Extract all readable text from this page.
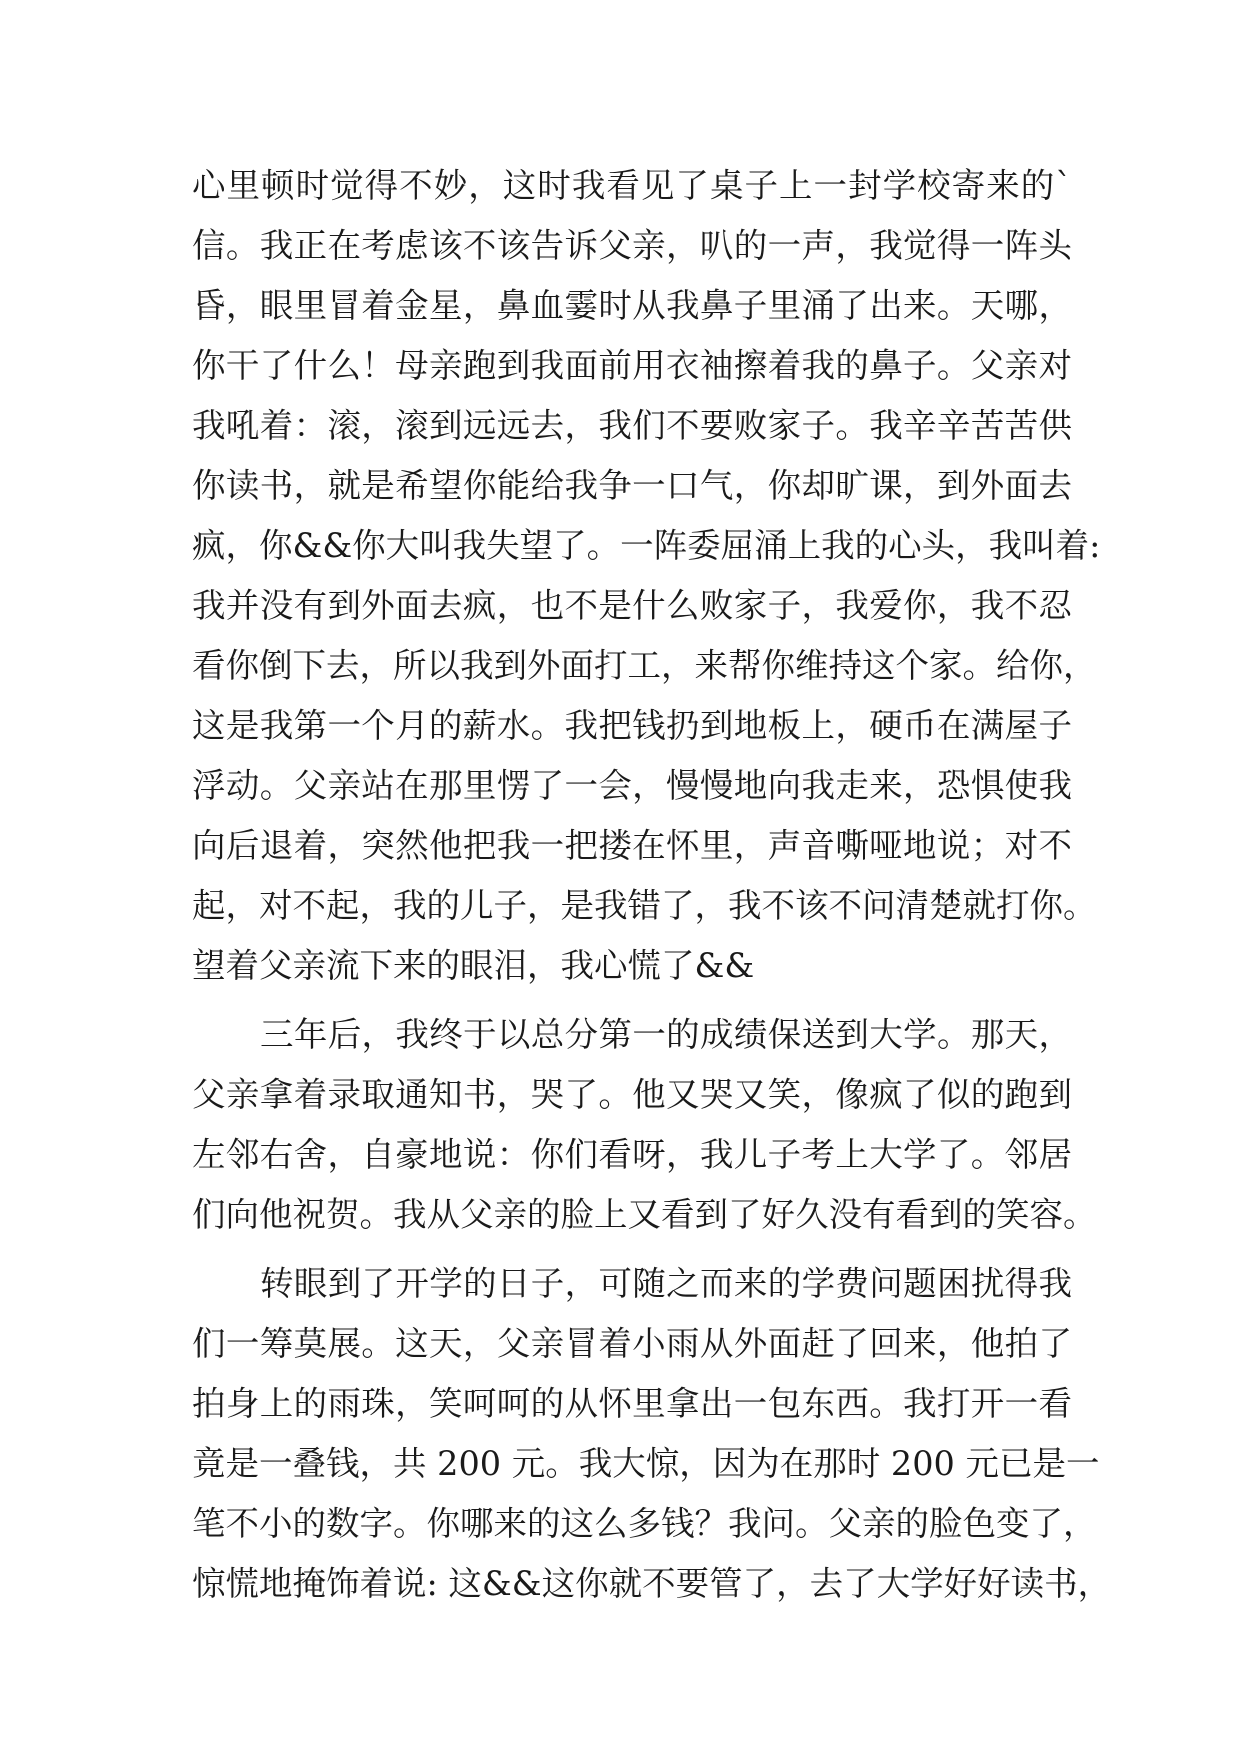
心里顿时觉得不妙，这时我看见了桌子上一封学校寄来的`
信。我正在考虑该不该告诉父亲，叭的一声，我觉得一阵头
昏，眼里冒着金星，鼻血霎时从我鼻子里涌了出来。天哪，
你干了什么！母亲跑到我面前用衣袖擦着我的鼻子。父亲对
我吼着：滚，滚到远远去，我们不要败家子。我辛辛苦苦供
你读书，就是希望你能给我争一口气，你却旷课，到外面去
疯，你&&你大叫我失望了。一阵委屈涌上我的心头，我叫着:
我并没有到外面去疯，也不是什么败家子，我爱你，我不忍
看你倒下去，所以我到外面打工，来帮你维持这个家。给你，
这是我第一个月的薪水。我把钱扔到地板上，硬币在满屋子
浮动。父亲站在那里愣了一会，慢慢地向我走来，恐惧使我
向后退着，突然他把我一把搂在怀里，声音嘶哑地说；对不
起，对不起，我的儿子，是我错了，我不该不问清楚就打你。
望着父亲流下来的眼泪，我心慌了&&
三年后，我终于以总分第一的成绩保送到大学。那天，
父亲拿着录取通知书，哭了。他又哭又笑，像疯了似的跑到
左邻右舍，自豪地说：你们看呀，我儿子考上大学了。邻居
们向他祝贺。我从父亲的脸上又看到了好久没有看到的笑容。
转眼到了开学的日子，可随之而来的学费问题困扰得我
们一筹莫展。这天，父亲冒着小雨从外面赶了回来，他拍了
拍身上的雨珠，笑呵呵的从怀里拿出一包东西。我打开一看
竟是一叠钱，共 200 元。我大惊，因为在那时 200 元已是一
笔不小的数字。你哪来的这么多钱？我问。父亲的脸色变了，
惊慌地掩饰着说: 这&&这你就不要管了，去了大学好好读书，
